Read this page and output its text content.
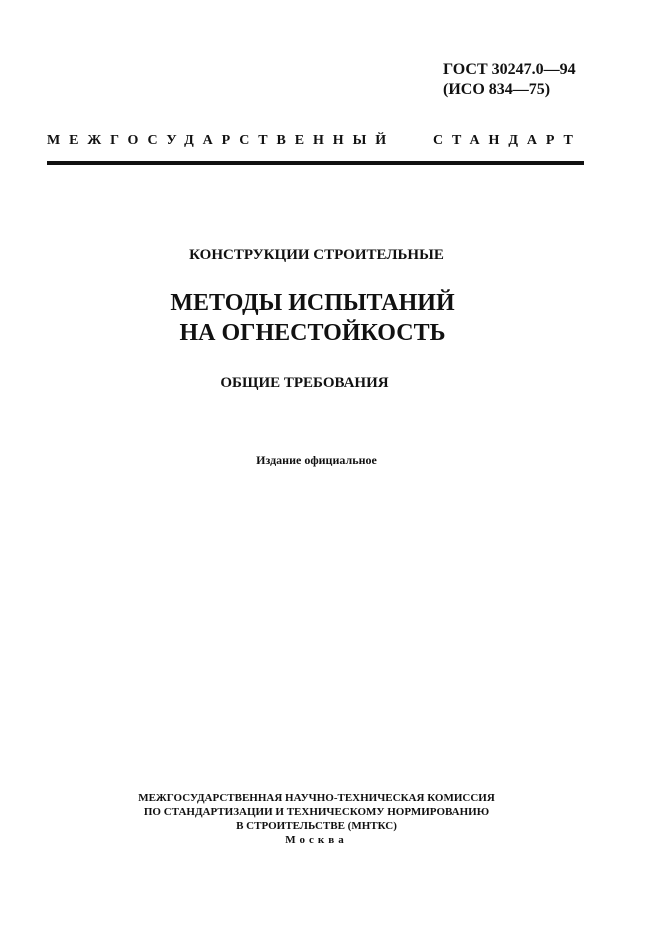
ГОСТ 30247.0—94
(ИСО 834—75)
МЕЖГОСУДАРСТВЕННЫЙ	СТАНДАРТ
КОНСТРУКЦИИ СТРОИТЕЛЬНЫЕ
МЕТОДЫ ИСПЫТАНИЙ
НА ОГНЕСТОЙКОСТЬ
ОБЩИЕ ТРЕБОВАНИЯ
Издание официальное
МЕЖГОСУДАРСТВЕННАЯ НАУЧНО-ТЕХНИЧЕСКАЯ КОМИССИЯ
ПО СТАНДАРТИЗАЦИИ И ТЕХНИЧЕСКОМУ НОРМИРОВАНИЮ
В СТРОИТЕЛЬСТВЕ (МНТКС)
Москва
